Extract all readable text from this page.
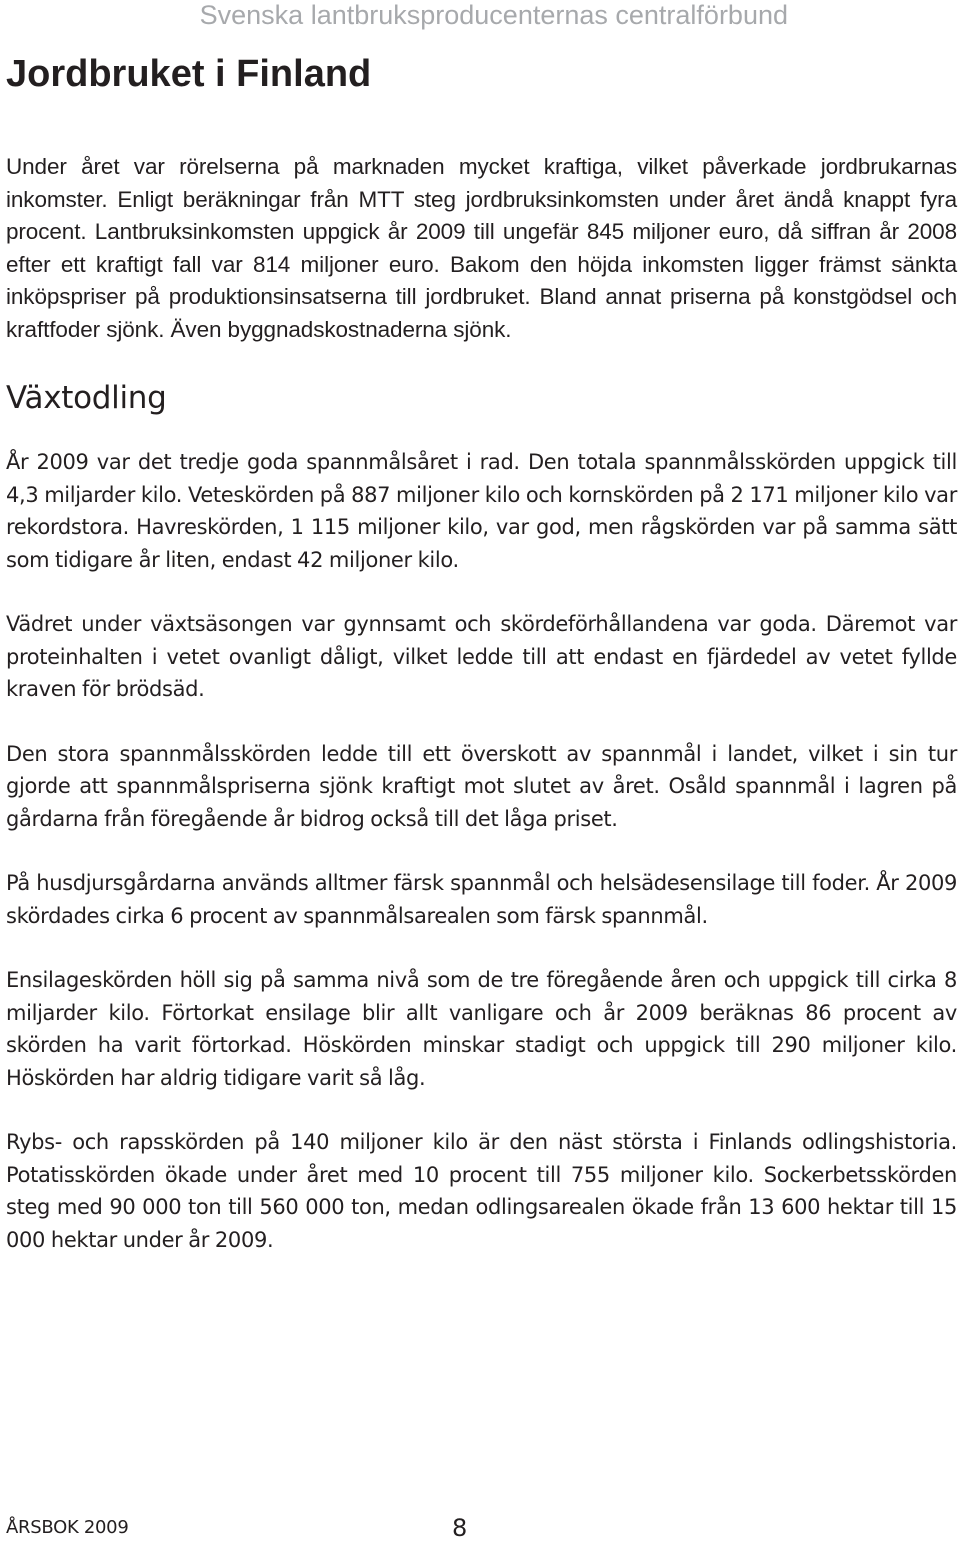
Svenska lantbruksproducenternas centralförbund
Jordbruket i Finland

Under året var rörelserna på marknaden mycket kraftiga, vilket påverkade jordbrukarnas inkomster. Enligt beräkningar från MTT steg jordbruksinkomsten under året ändå knappt fyra procent. Lantbruksinkomsten uppgick år 2009 till ungefär 845 miljoner euro, då siffran år 2008 efter ett kraftigt fall var 814 miljoner euro. Bakom den höjda inkomsten ligger främst sänkta inköpspriser på produktionsinsatserna till jordbruket. Bland annat priserna på konstgödsel och kraftfoder sjönk. Även byggnadskostnaderna sjönk.

Växtodling

År 2009 var det tredje goda spannmålsåret i rad. Den totala spannmålsskörden uppgick till 4,3 miljarder kilo. Veteskörden på 887 miljoner kilo och kornskörden på 2 171 miljoner kilo var rekordstora. Havreskörden, 1 115 miljoner kilo, var god, men rågskörden var på samma sätt som tidigare år liten, endast 42 miljoner kilo.

Vädret under växtsäsongen var gynnsamt och skördeförhållandena var goda. Däremot var proteinhalten i vetet ovanligt dåligt, vilket ledde till att endast en fjärdedel av vetet fyllde kraven för brödsäd.

Den stora spannmålsskörden ledde till ett överskott av spannmål i landet, vilket i sin tur gjorde att spannmålspriserna sjönk kraftigt mot slutet av året. Osåld spannmål i lagren på gårdarna från föregående år bidrog också till det låga priset.

På husdjursgårdarna används alltmer färsk spannmål och helsädesensilage till foder. År 2009 skördades cirka 6 procent av spannmålsarealen som färsk spannmål.

Ensilageskörden höll sig på samma nivå som de tre föregående åren och uppgick till cirka 8 miljarder kilo. Förtorkat ensilage blir allt vanligare och år 2009 beräknas 86 procent av skörden ha varit förtorkad. Höskörden minskar stadigt och uppgick till 290 miljoner kilo. Höskörden har aldrig tidigare varit så låg.

Rybs- och rapsskörden på 140 miljoner kilo är den näst största i Finlands odlingshistoria. Potatisskörden ökade under året med 10 procent till 755 miljoner kilo. Sockerbetsskörden steg med 90 000 ton till 560 000 ton, medan odlingsarealen ökade från 13 600 hektar till 15 000 hektar under år 2009.

ÅRSBOK 2009	8
